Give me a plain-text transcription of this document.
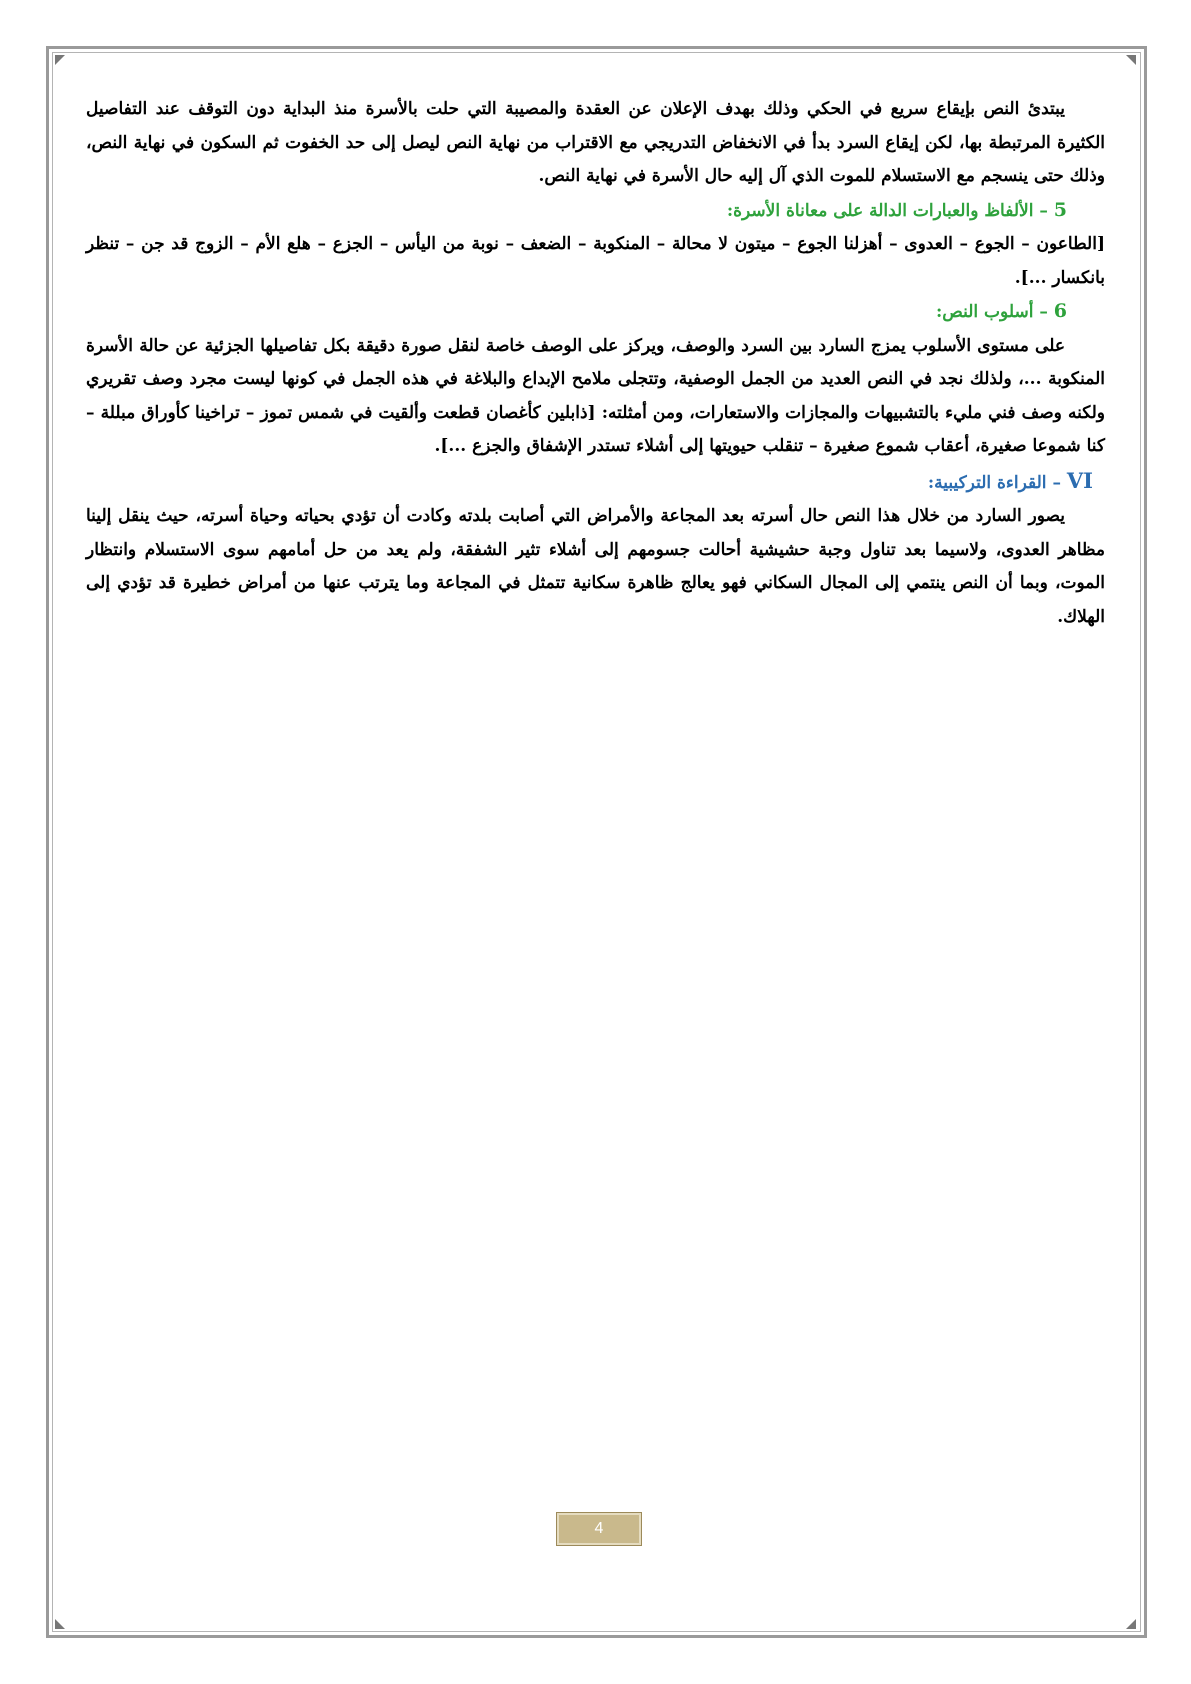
يبتدئ النص بإيقاع سريع في الحكي وذلك بهدف الإعلان عن العقدة والمصيبة التي حلت بالأسرة منذ البداية دون التوقف عند التفاصيل الكثيرة المرتبطة بها، لكن إيقاع السرد بدأ في الانخفاض التدريجي مع الاقتراب من نهاية النص ليصل إلى حد الخفوت ثم السكون في نهاية النص، وذلك حتى ينسجم مع الاستسلام للموت الذي آل إليه حال الأسرة في نهاية النص.

5 – الألفاظ والعبارات الدالة على معاناة الأسرة:

[الطاعون – الجوع – العدوى – أهزلنا الجوع – ميتون لا محالة – المنكوبة – الضعف – نوبة من اليأس – الجزع – هلع الأم – الزوج قد جن – تنظر بانكسار ...].

6 – أسلوب النص:

على مستوى الأسلوب يمزج السارد بين السرد والوصف، ويركز على الوصف خاصة لنقل صورة دقيقة بكل تفاصيلها الجزئية عن حالة الأسرة المنكوبة ...، ولذلك نجد في النص العديد من الجمل الوصفية، وتتجلى ملامح الإبداع والبلاغة في هذه الجمل في كونها ليست مجرد وصف تقريري ولكنه وصف فني مليء بالتشبيهات والمجازات والاستعارات، ومن أمثلته: [ذابلين كأغصان قطعت وألقيت في شمس تموز – تراخينا كأوراق مبللة –كنا شموعا صغيرة، أعقاب شموع صغيرة – تنقلب حيويتها إلى أشلاء تستدر الإشفاق والجزع ...].

VI – القراءة التركيبية:

يصور السارد من خلال هذا النص حال أسرته بعد المجاعة والأمراض التي أصابت بلدته وكادت أن تؤدي بحياته وحياة أسرته، حيث ينقل إلينا مظاهر العدوى، ولاسيما بعد تناول وجبة حشيشية أحالت جسومهم إلى أشلاء تثير الشفقة، ولم يعد من حل أمامهم سوى الاستسلام وانتظار الموت، وبما أن النص ينتمي إلى المجال السكاني فهو يعالج ظاهرة سكانية تتمثل في المجاعة وما يترتب عنها من أمراض خطيرة قد تؤدي إلى الهلاك.

4
